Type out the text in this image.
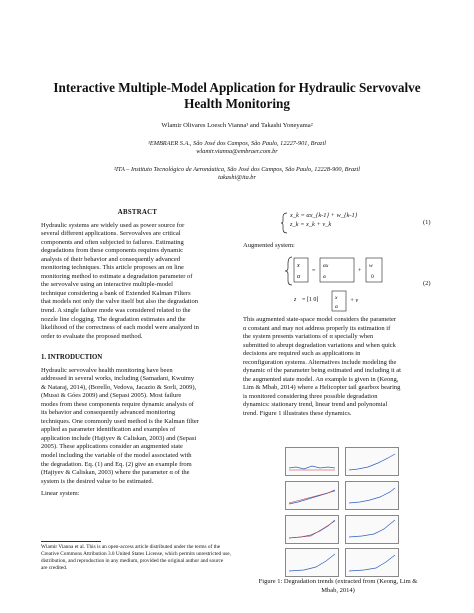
Interactive Multiple-Model Application for Hydraulic Servovalve
Health Monitoring
Wlamir Olivares Loesch Vianna¹ and Takashi Yoneyama²
¹EMBRAER S.A., São José dos Campos, São Paulo, 12227-901, Brazil
wlamir.vianna@embraer.com.br
²ITA – Instituto Tecnológico de Aeronáutica, São José dos Campos, São Paulo, 12228-900, Brazil
takashi@ita.br
ABSTRACT
Hydraulic systems are widely used as power source for
several different applications. Servovalves are critical
components and often subjected to failures. Estimating
degradations from these components requires dynamic
analysis of their behavior and consequently advanced
monitoring techniques. This article proposes an on line
monitoring method to estimate a degradation parameter of
the servovalve using an interactive multiple-model
technique considering a bank of Extended Kalman Filters
that models not only the valve itself but also the degradation
trend. A single failure mode was considered related to the
nozzle line clogging. The degradation estimates and the
likelihood of the correctness of each model were analyzed in
order to evaluate the proposed method.
1. INTRODUCTION
Hydraulic servovalve health monitoring have been
addressed in several works, including (Samadani, Kwuimy
& Nataraj, 2014), (Borello, Vedova, Jacazio & Sorli, 2009),
(Mussi & Góes 2009) and (Sepasi 2005). Most failure
modes from these components require dynamic analysis of
its behavior and consequently advanced monitoring
techniques. One commonly used method is the Kalman filter
applied as parameter identification and examples of
application include (Hajiyev & Caliskan, 2003) and (Sepasi
2005). These applications consider an augmented state
model including the variable of the model associated with
the degradation. Eq. (1) and Eq. (2) give an example from
(Hajiyev & Caliskan, 2003) where the parameter α of the
system is the desired value to be estimated.
Linear system:
Wlamir Vianna et al. This is an open-access article distributed under the terms of the Creative Commons Attribution 3.0 United States License, which permits unrestricted use, distribution, and reproduction in any medium, provided the original author and source are credited.
x_k = αx_{k-1} + w_{k-1}
z_k = x_k + v_k	(1)
Augmented system:
x
α
=
αx
α
+
w
0
z = [1 0]	x
α
+ v
(2)
This augmented state-space model considers the parameter
α constant and may not address properly its estimation if
the system presents variations of α specially when
submitted to abrupt degradation variations and when quick
decisions are required such as applications in
reconfiguration systems. Alternatives include modeling the
dynamic of the parameter being estimated and including it at
the augmented state model. An example is given in (Keong,
Lim & Mbab, 2014) where a Helicopter tail gearbox bearing
is monitored considering three possible degradation
dynamics: stationary trend, linear trend and polynomial
trend. Figure 1 illustrates these dynamics.
Figure 1: Degradation trends (extracted from (Keong, Lim &
Mbab, 2014)
